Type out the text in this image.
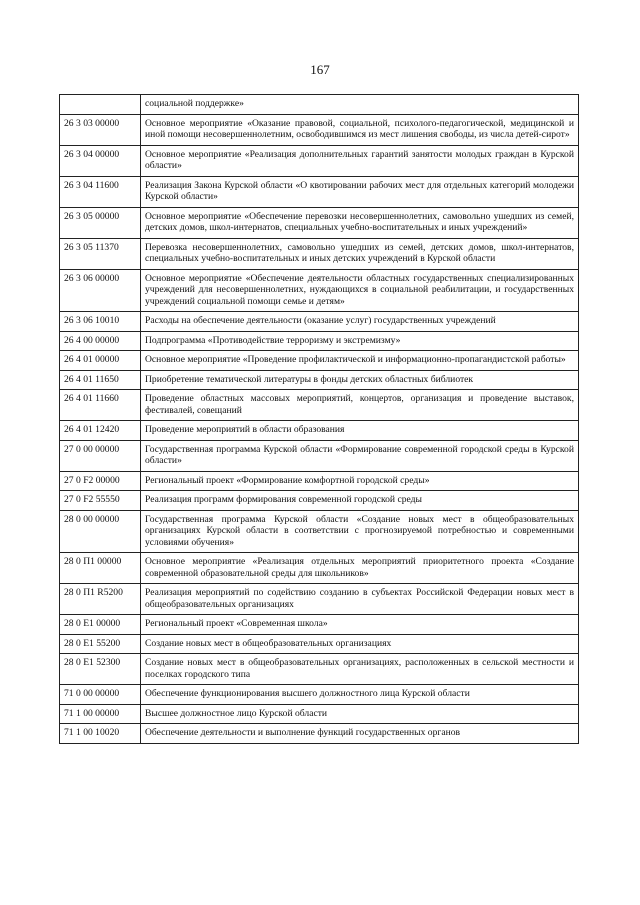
167
	социальной поддержке»
26 3 03 00000	Основное мероприятие «Оказание правовой, социальной, психолого-педагогической, медицинской и иной помощи несовершеннолетним, освободившимся из мест лишения свободы, из числа детей-сирот»
26 3 04 00000	Основное мероприятие «Реализация дополнительных гарантий занятости молодых граждан в Курской области»
26 3 04 11600	Реализация Закона Курской области «О квотировании рабочих мест для отдельных категорий молодежи Курской области»
26 3 05 00000	Основное мероприятие «Обеспечение перевозки несовершеннолетних, самовольно ушедших из семей, детских домов, школ-интернатов, специальных учебно-воспитательных и иных учреждений»
26 3 05 11370	Перевозка несовершеннолетних, самовольно ушедших из семей, детских домов, школ-интернатов, специальных учебно-воспитательных и иных детских учреждений в Курской области
26 3 06 00000	Основное мероприятие «Обеспечение деятельности областных государственных специализированных учреждений для несовершеннолетних, нуждающихся в социальной реабилитации, и государственных учреждений социальной помощи семье и детям»
26 3 06 10010	Расходы на обеспечение деятельности (оказание услуг) государственных учреждений
26 4 00 00000	Подпрограмма «Противодействие терроризму и экстремизму»
26 4 01 00000	Основное мероприятие «Проведение профилактической и информационно-пропагандистской работы»
26 4 01 11650	Приобретение тематической литературы в фонды детских областных библиотек
26 4 01 11660	Проведение областных массовых мероприятий, концертов, организация и проведение выставок, фестивалей, совещаний
26 4 01 12420	Проведение мероприятий в области образования
27 0 00 00000	Государственная программа Курской области «Формирование современной городской среды в Курской области»
27 0 F2 00000	Региональный проект «Формирование комфортной городской среды»
27 0 F2 55550	Реализация программ формирования современной городской среды
28 0 00 00000	Государственная программа Курской области «Создание новых мест в общеобразовательных организациях Курской области в соответствии с прогнозируемой потребностью и современными условиями обучения»
28 0 П1 00000	Основное мероприятие «Реализация отдельных мероприятий приоритетного проекта «Создание современной образовательной среды для школьников»
28 0 П1 R5200	Реализация мероприятий по содействию созданию в субъектах Российской Федерации новых мест в общеобразовательных организациях
28 0 E1 00000	Региональный проект «Современная школа»
28 0 E1 55200	Создание новых мест в общеобразовательных организациях
28 0 E1 52300	Создание новых мест в общеобразовательных организациях, расположенных в сельской местности и поселках городского типа
71 0 00 00000	Обеспечение функционирования высшего должностного лица Курской области
71 1 00 00000	Высшее должностное лицо Курской области
71 1 00 10020	Обеспечение деятельности и выполнение функций государственных органов
